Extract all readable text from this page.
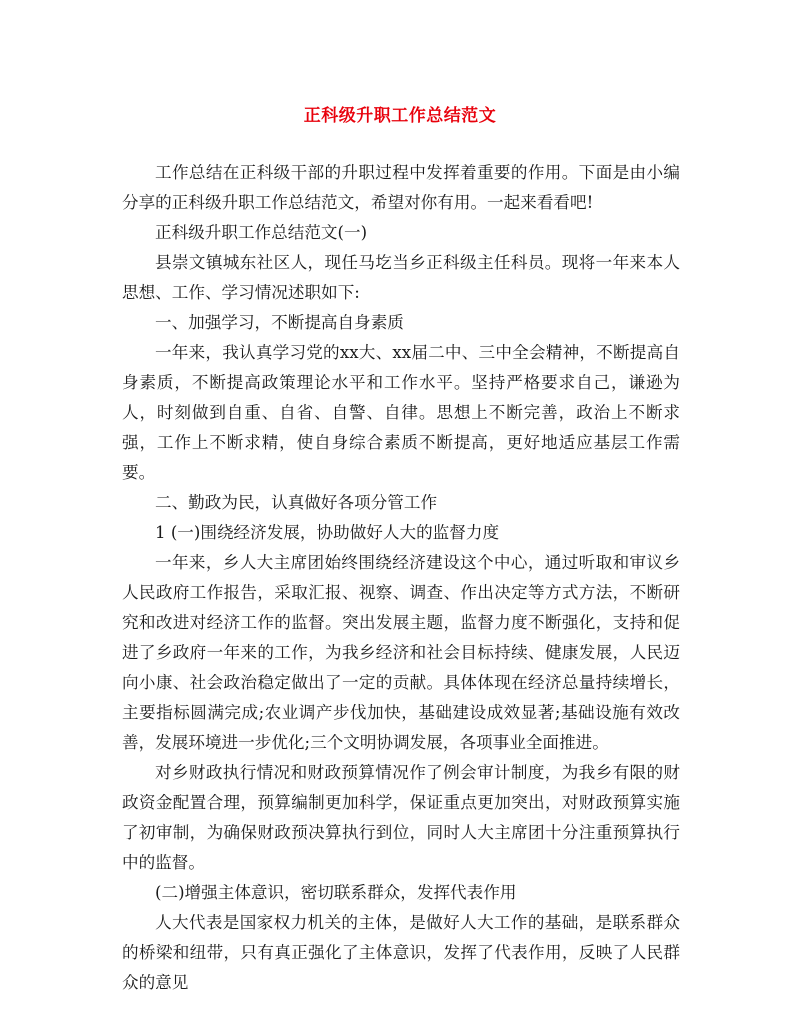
正科级升职工作总结范文

工作总结在正科级干部的升职过程中发挥着重要的作用。下面是由小编分享的正科级升职工作总结范文，希望对你有用。一起来看看吧!

正科级升职工作总结范文(一)

县崇文镇城东社区人，现任马圪当乡正科级主任科员。现将一年来本人思想、工作、学习情况述职如下:

一、加强学习，不断提高自身素质

一年来，我认真学习党的xx大、xx届二中、三中全会精神，不断提高自身素质，不断提高政策理论水平和工作水平。坚持严格要求自己，谦逊为人，时刻做到自重、自省、自警、自律。思想上不断完善，政治上不断求强，工作上不断求精，使自身综合素质不断提高，更好地适应基层工作需要。

二、勤政为民，认真做好各项分管工作

1 (一)围绕经济发展，协助做好人大的监督力度

一年来，乡人大主席团始终围绕经济建设这个中心，通过听取和审议乡人民政府工作报告，采取汇报、视察、调查、作出决定等方式方法，不断研究和改进对经济工作的监督。突出发展主题，监督力度不断强化，支持和促进了乡政府一年来的工作，为我乡经济和社会目标持续、健康发展，人民迈向小康、社会政治稳定做出了一定的贡献。具体体现在经济总量持续增长，主要指标圆满完成;农业调产步伐加快，基础建设成效显著;基础设施有效改善，发展环境进一步优化;三个文明协调发展，各项事业全面推进。

对乡财政执行情况和财政预算情况作了例会审计制度，为我乡有限的财政资金配置合理，预算编制更加科学，保证重点更加突出，对财政预算实施了初审制，为确保财政预决算执行到位，同时人大主席团十分注重预算执行中的监督。

(二)增强主体意识，密切联系群众，发挥代表作用

人大代表是国家权力机关的主体，是做好人大工作的基础，是联系群众的桥梁和纽带，只有真正强化了主体意识，发挥了代表作用，反映了人民群众的意见
